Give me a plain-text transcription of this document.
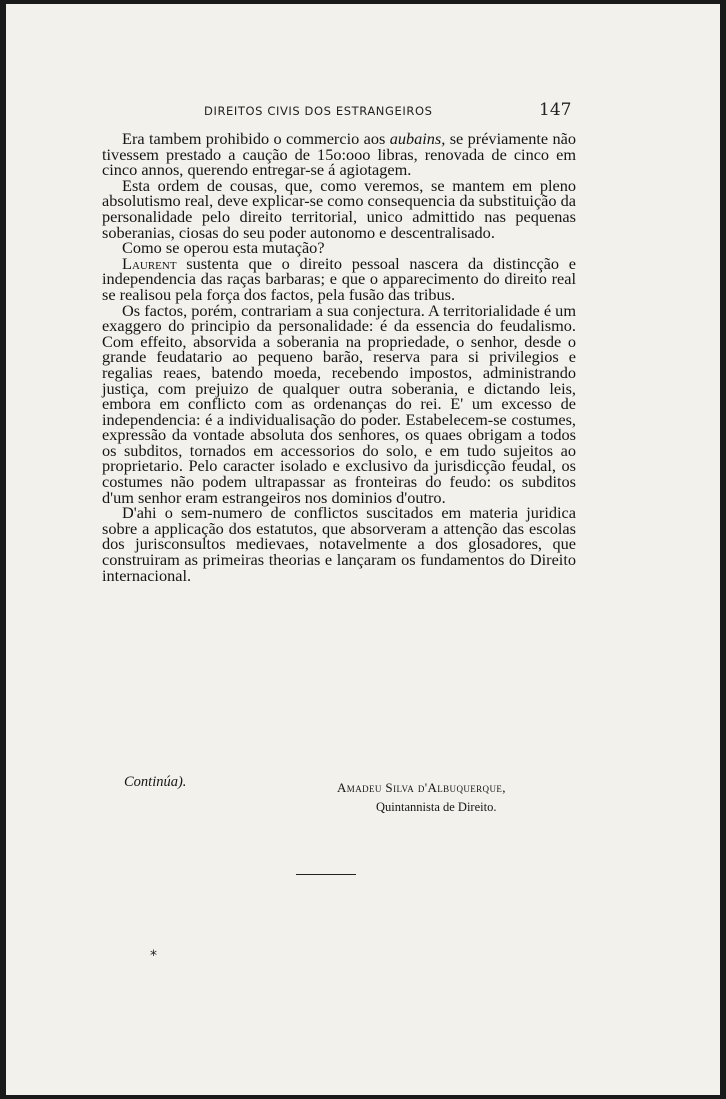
DIREITOS CIVIS DOS ESTRANGEIROS	147

Era tambem prohibido o commercio aos aubains, se préviamente não tivessem prestado a caução de 15o:ooo libras, renovada de cinco em cinco annos, querendo entregar-se á agiotagem.

Esta ordem de cousas, que, como veremos, se mantem em pleno absolutismo real, deve explicar-se como consequencia da substituição da personalidade pelo direito territorial, unico admittido nas pequenas soberanias, ciosas do seu poder autonomo e descentralisado.

Como se operou esta mutação?

Laurent sustenta que o direito pessoal nascera da distincção e independencia das raças barbaras; e que o apparecimento do direito real se realisou pela força dos factos, pela fusão das tribus.

Os factos, porém, contrariam a sua conjectura. A territorialidade é um exaggero do principio da personalidade: é da essencia do feudalismo. Com effeito, absorvida a soberania na propriedade, o senhor, desde o grande feudatario ao pequeno barão, reserva para si privilegios e regalias reaes, batendo moeda, recebendo impostos, administrando justiça, com prejuizo de qualquer outra soberania, e dictando leis, embora em conflicto com as ordenanças do rei. E' um excesso de independencia: é a individualisação do poder. Estabelecem-se costumes, expressão da vontade absoluta dos senhores, os quaes obrigam a todos os subditos, tornados em accessorios do solo, e em tudo sujeitos ao proprietario. Pelo caracter isolado e exclusivo da jurisdicção feudal, os costumes não podem ultrapassar as fronteiras do feudo: os subditos d'um senhor eram estrangeiros nos dominios d'outro.

D'ahi o sem-numero de conflictos suscitados em materia juridica sobre a applicação dos estatutos, que absorveram a attenção das escolas dos jurisconsultos medievaes, notavelmente a dos glosadores, que construiram as primeiras theorias e lançaram os fundamentos do Direito internacional.

Continúa).	Amadeu Silva d'Albuquerque,
Quintannista de Direito.
*
